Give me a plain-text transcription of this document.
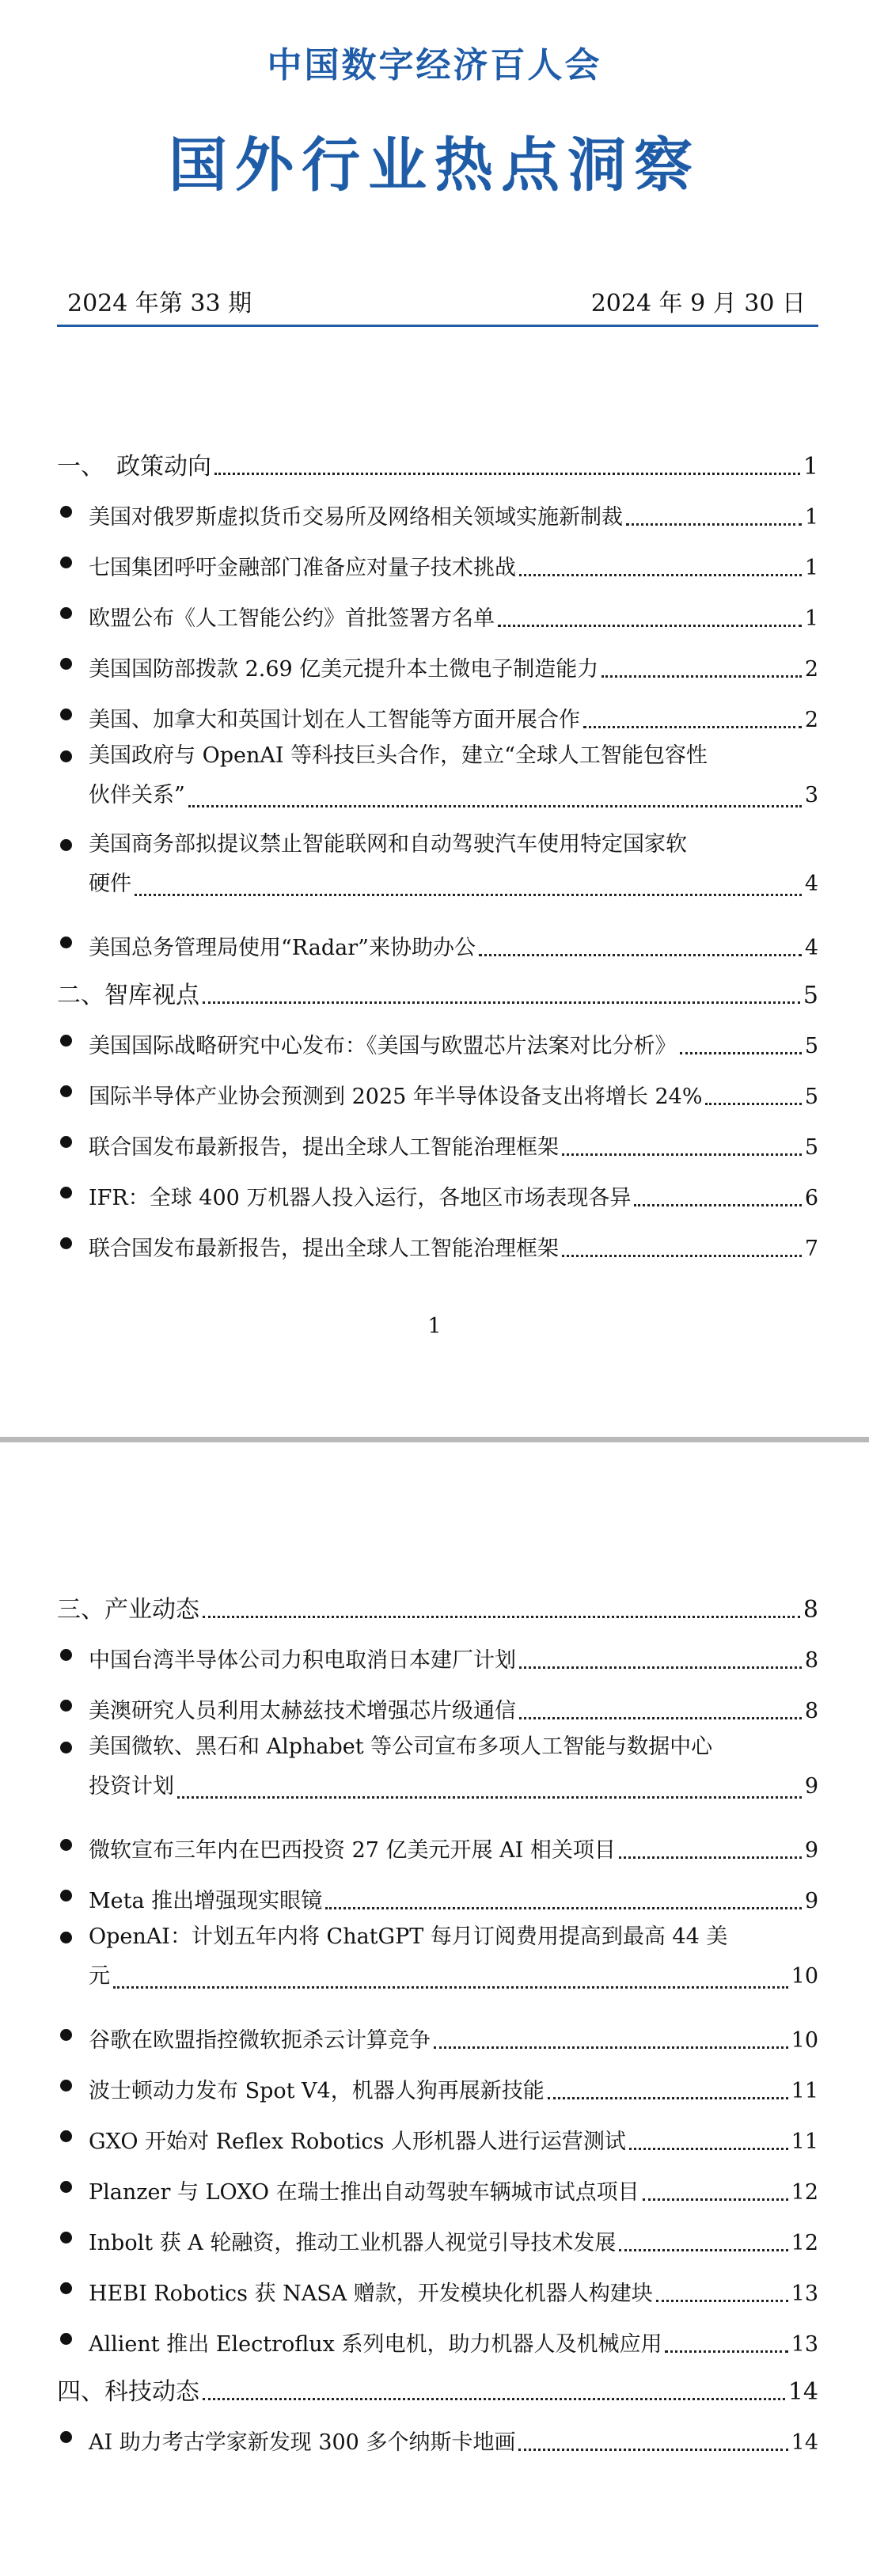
中国数字经济百人会
国外行业热点洞察
2024 年第 33 期	2024 年 9 月 30 日
一、　政策动向	1
美国对俄罗斯虚拟货币交易所及网络相关领域实施新制裁	1
七国集团呼吁金融部门准备应对量子技术挑战	1
欧盟公布《人工智能公约》首批签署方名单	1
美国国防部拨款 2.69 亿美元提升本土微电子制造能力	2
美国、加拿大和英国计划在人工智能等方面开展合作	2
美国政府与 OpenAI 等科技巨头合作，建立“全球人工智能包容性
伙伴关系”	3
美国商务部拟提议禁止智能联网和自动驾驶汽车使用特定国家软
硬件	4
美国总务管理局使用“Radar”来协助办公	4
二、智库视点	5
美国国际战略研究中心发布：《美国与欧盟芯片法案对比分析》	5
国际半导体产业协会预测到 2025 年半导体设备支出将增长 24%	5
联合国发布最新报告，提出全球人工智能治理框架	5
IFR：全球 400 万机器人投入运行，各地区市场表现各异	6
联合国发布最新报告，提出全球人工智能治理框架	7
1
三、产业动态	8
中国台湾半导体公司力积电取消日本建厂计划	8
美澳研究人员利用太赫兹技术增强芯片级通信	8
美国微软、黑石和 Alphabet 等公司宣布多项人工智能与数据中心
投资计划	9
微软宣布三年内在巴西投资 27 亿美元开展 AI 相关项目	9
Meta 推出增强现实眼镜	9
OpenAI：计划五年内将 ChatGPT 每月订阅费用提高到最高 44 美
元	10
谷歌在欧盟指控微软扼杀云计算竞争	10
波士顿动力发布 Spot V4，机器人狗再展新技能	11
GXO 开始对 Reflex Robotics 人形机器人进行运营测试	11
Planzer 与 LOXO 在瑞士推出自动驾驶车辆城市试点项目	12
Inbolt 获 A 轮融资，推动工业机器人视觉引导技术发展	12
HEBI Robotics 获 NASA 赠款，开发模块化机器人构建块	13
Allient 推出 Electroflux 系列电机，助力机器人及机械应用	13
四、科技动态	14
AI 助力考古学家新发现 300 多个纳斯卡地画	14
